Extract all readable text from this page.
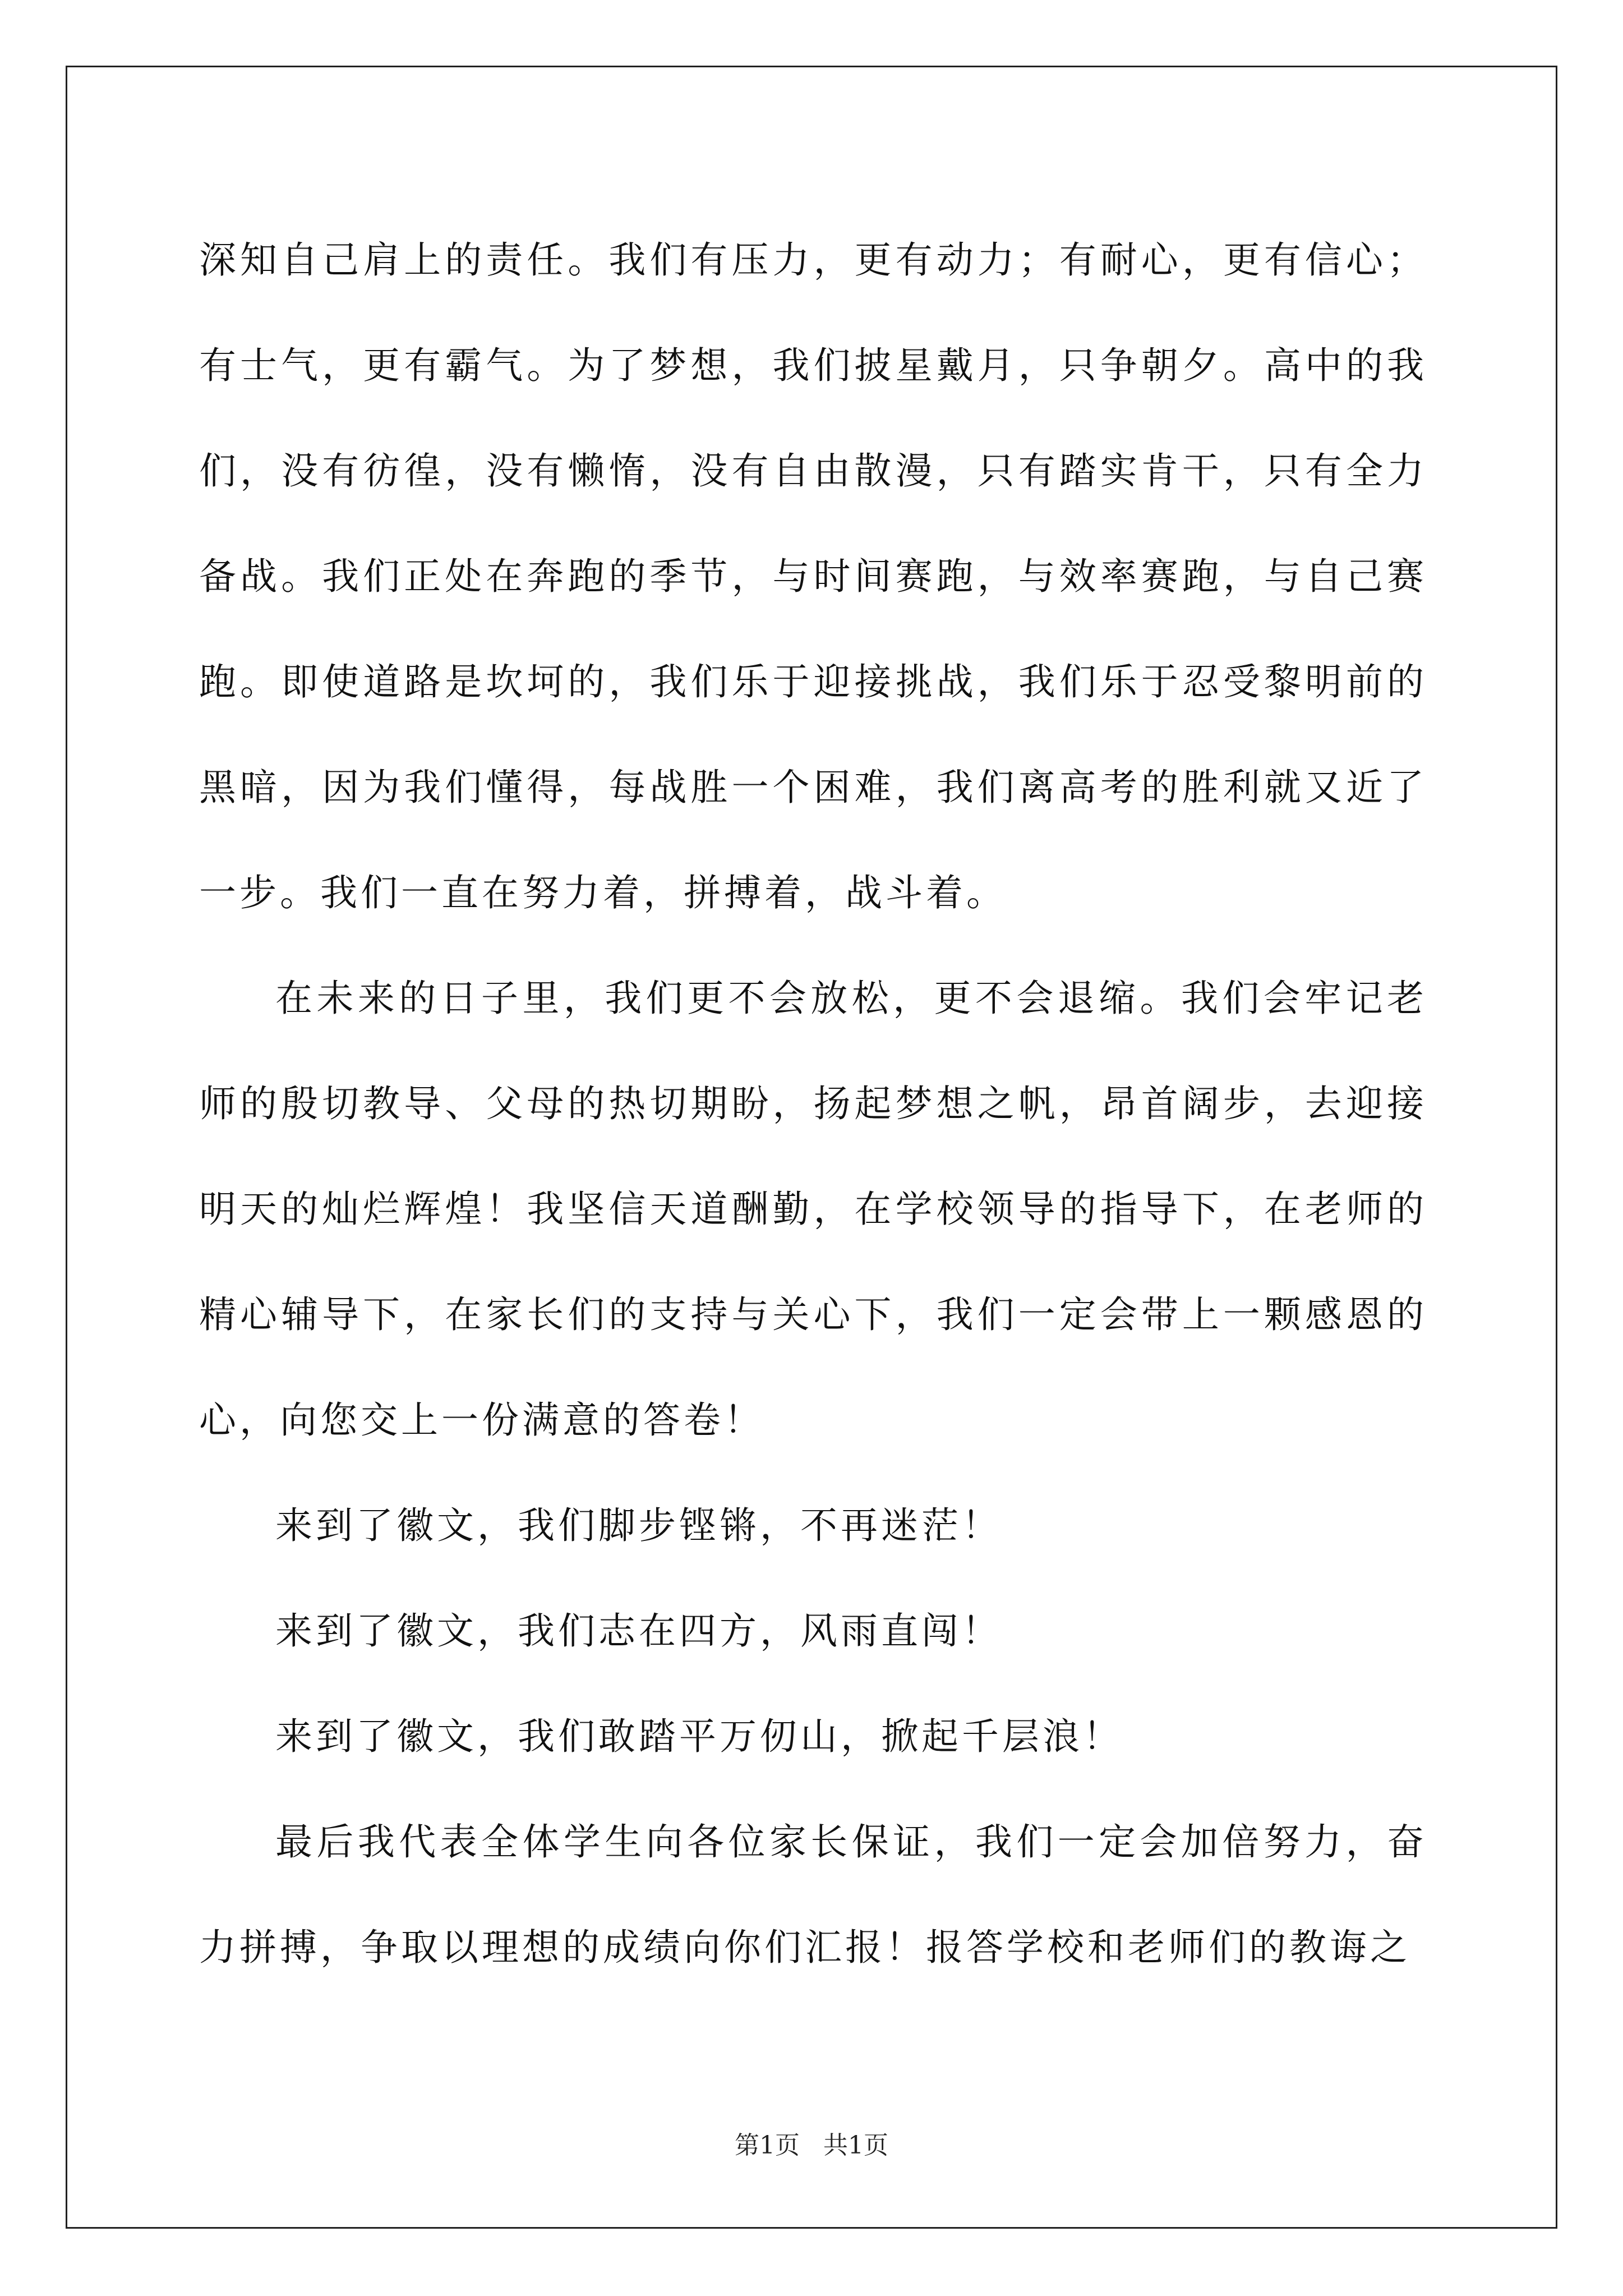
深知自己肩上的责任。我们有压力，更有动力；有耐心，更有信心；有士气，更有霸气。为了梦想，我们披星戴月，只争朝夕。高中的我们，没有彷徨，没有懒惰，没有自由散漫，只有踏实肯干，只有全力备战。我们正处在奔跑的季节，与时间赛跑，与效率赛跑，与自己赛跑。即使道路是坎坷的，我们乐于迎接挑战，我们乐于忍受黎明前的黑暗，因为我们懂得，每战胜一个困难，我们离高考的胜利就又近了一步。我们一直在努力着，拼搏着，战斗着。

在未来的日子里，我们更不会放松，更不会退缩。我们会牢记老师的殷切教导、父母的热切期盼，扬起梦想之帆，昂首阔步，去迎接明天的灿烂辉煌！我坚信天道酬勤，在学校领导的指导下，在老师的精心辅导下，在家长们的支持与关心下，我们一定会带上一颗感恩的心，向您交上一份满意的答卷！

来到了徽文，我们脚步铿锵，不再迷茫！

来到了徽文，我们志在四方，风雨直闯！

来到了徽文，我们敢踏平万仞山，掀起千层浪！

最后我代表全体学生向各位家长保证，我们一定会加倍努力，奋力拼搏，争取以理想的成绩向你们汇报！报答学校和老师们的教诲之

第1页 共1页
